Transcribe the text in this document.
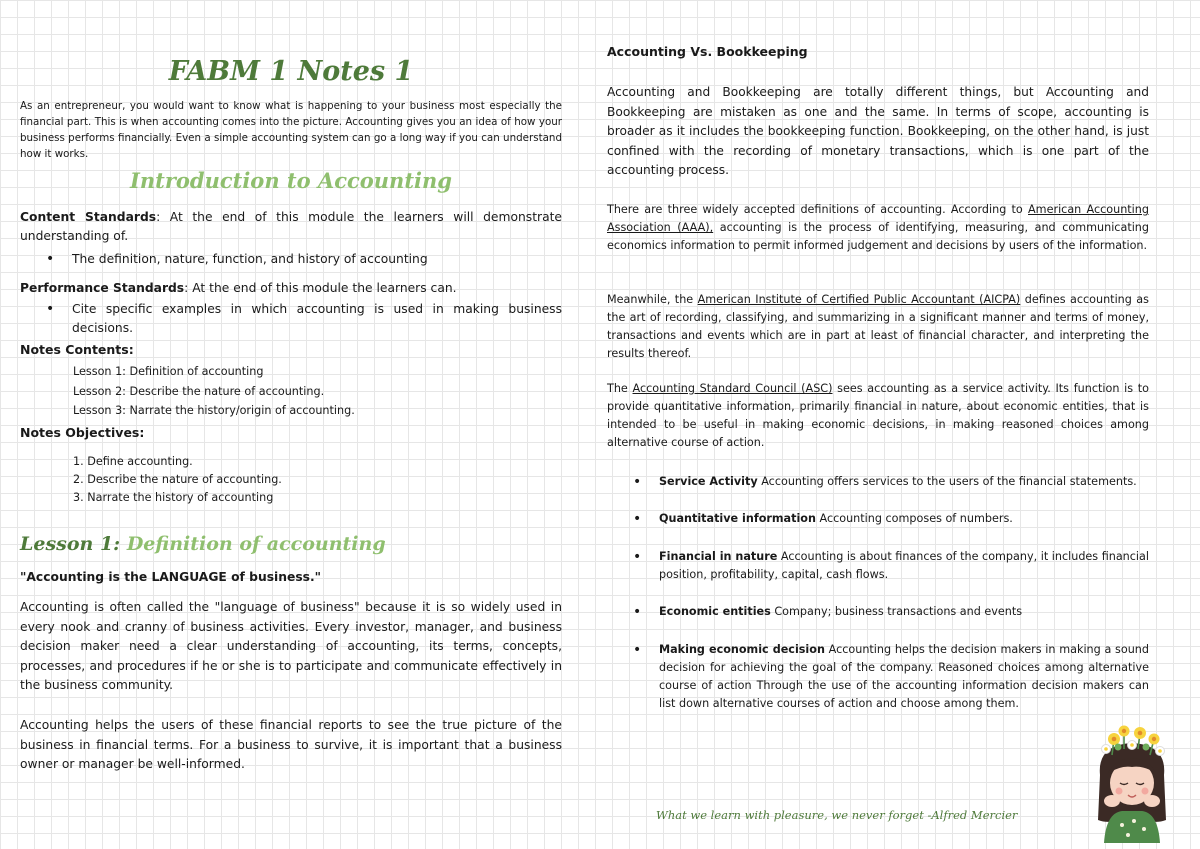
FABM 1 Notes 1

As an entrepreneur, you would want to know what is happening to your business most especially the financial part. This is when accounting comes into the picture. Accounting gives you an idea of how your business performs financially. Even a simple accounting system can go a long way if you can understand how it works.

Introduction to Accounting

Content Standards: At the end of this module the learners will demonstrate understanding of.

• The definition, nature, function, and history of accounting

Performance Standards: At the end of this module the learners can.

• Cite specific examples in which accounting is used in making business decisions.
Notes Contents:
Lesson 1: Definition of accounting
Lesson 2: Describe the nature of accounting.
Lesson 3: Narrate the history/origin of accounting.
Notes Objectives:
1. Define accounting.
2. Describe the nature of accounting.
3. Narrate the history of accounting
Lesson 1: Definition of accounting
"Accounting is the LANGUAGE of business."

Accounting is often called the "language of business" because it is so widely used in every nook and cranny of business activities. Every investor, manager, and business decision maker need a clear understanding of accounting, its terms, concepts, processes, and procedures if he or she is to participate and communicate effectively in the business community.

Accounting helps the users of these financial reports to see the true picture of the business in financial terms. For a business to survive, it is important that a business owner or manager be well-informed.

Accounting Vs. Bookkeeping

Accounting and Bookkeeping are totally different things, but Accounting and Bookkeeping are mistaken as one and the same. In terms of scope, accounting is broader as it includes the bookkeeping function. Bookkeeping, on the other hand, is just confined with the recording of monetary transactions, which is one part of the accounting process.

There are three widely accepted definitions of accounting. According to American Accounting Association (AAA), accounting is the process of identifying, measuring, and communicating economics information to permit informed judgement and decisions by users of the information.

Meanwhile, the American Institute of Certified Public Accountant (AICPA) defines accounting as the art of recording, classifying, and summarizing in a significant manner and terms of money, transactions and events which are in part at least of financial character, and interpreting the results thereof.

The Accounting Standard Council (ASC) sees accounting as a service activity. Its function is to provide quantitative information, primarily financial in nature, about economic entities, that is intended to be useful in making economic decisions, in making reasoned choices among alternative course of action.

• Service Activity Accounting offers services to the users of the financial statements.
• Quantitative information Accounting composes of numbers.
• Financial in nature Accounting is about finances of the company, it includes financial position, profitability, capital, cash flows.
• Economic entities Company; business transactions and events
• Making economic decision Accounting helps the decision makers in making a sound decision for achieving the goal of the company. Reasoned choices among alternative course of action Through the use of the accounting information decision makers can list down alternative courses of action and choose among them.
What we learn with pleasure, we never forget -Alfred Mercier
